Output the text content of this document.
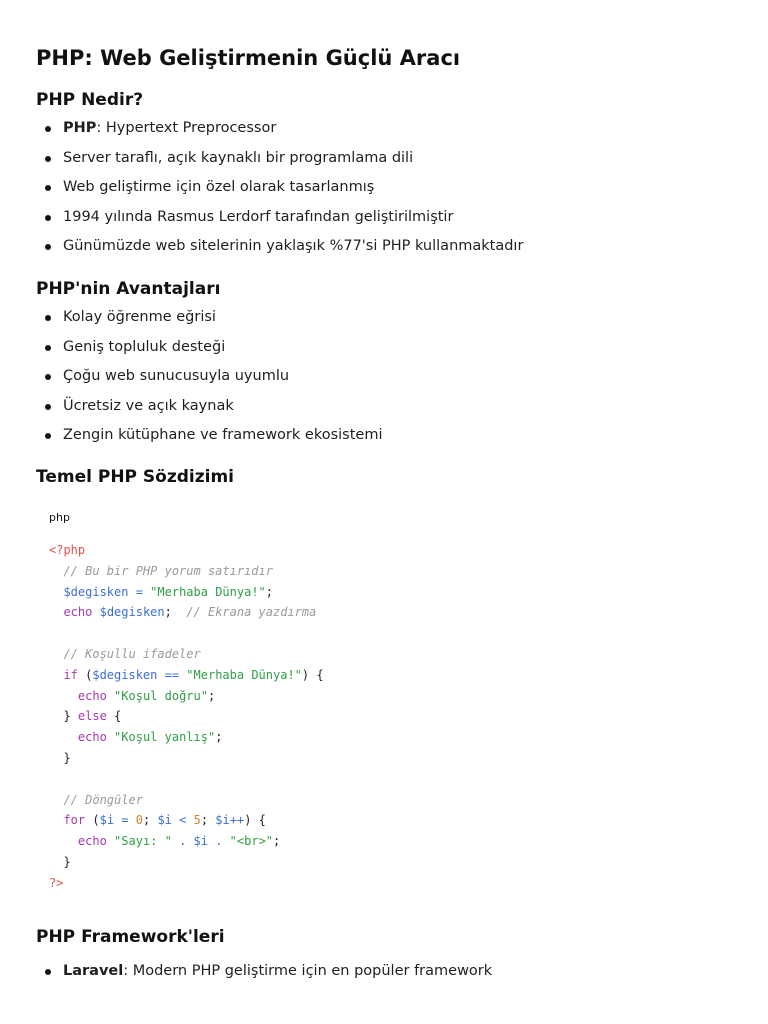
PHP: Web Geliştirmenin Güçlü Aracı
PHP Nedir?
PHP: Hypertext Preprocessor
Server taraflı, açık kaynaklı bir programlama dili
Web geliştirme için özel olarak tasarlanmış
1994 yılında Rasmus Lerdorf tarafından geliştirilmiştir
Günümüzde web sitelerinin yaklaşık %77'si PHP kullanmaktadır
PHP'nin Avantajları
Kolay öğrenme eğrisi
Geniş topluluk desteği
Çoğu web sunucusuyla uyumlu
Ücretsiz ve açık kaynak
Zengin kütüphane ve framework ekosistemi
Temel PHP Sözdizimi
php
<?php
// Bu bir PHP yorum satırıdır
$degisken = "Merhaba Dünya!";
echo $degisken; // Ekrana yazdırma

// Koşullu ifadeler
if ($degisken == "Merhaba Dünya!") {
echo "Koşul doğru";
} else {
echo "Koşul yanlış";
}

// Döngüler
for ($i = 0; $i < 5; $i++) {
echo "Sayı: " . $i . "<br>";
}
?>
PHP Framework'leri
Laravel: Modern PHP geliştirme için en popüler framework
